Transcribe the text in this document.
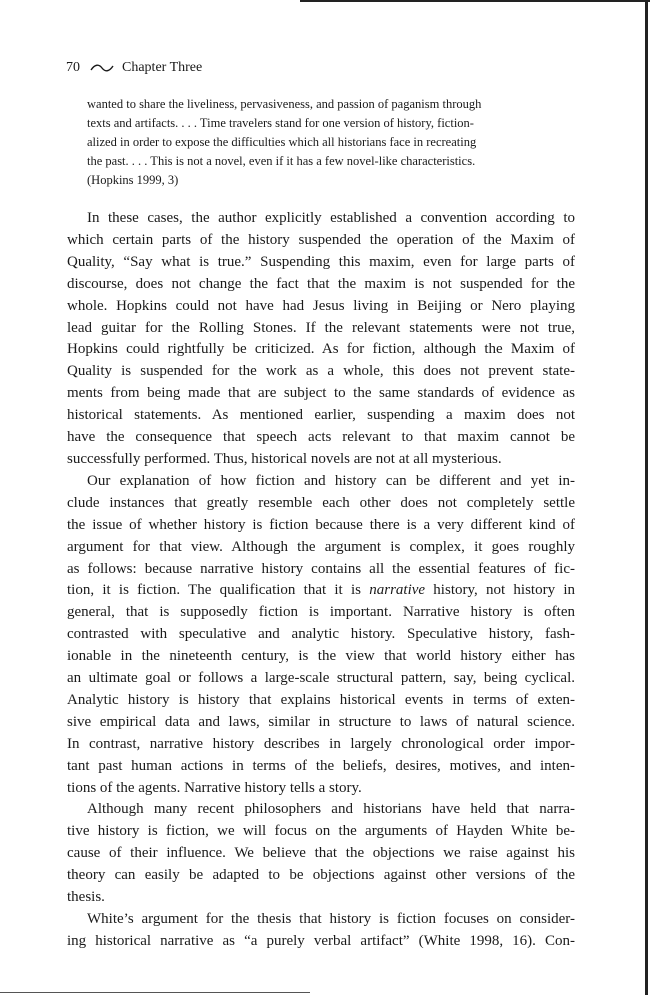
70	Chapter Three
wanted to share the liveliness, pervasiveness, and passion of paganism through
texts and artifacts. . . . Time travelers stand for one version of history, fiction-
alized in order to expose the difficulties which all historians face in recreating
the past. . . . This is not a novel, even if it has a few novel-like characteristics.
(Hopkins 1999, 3)
In these cases, the author explicitly established a convention according to
which certain parts of the history suspended the operation of the Maxim of
Quality, “Say what is true.” Suspending this maxim, even for large parts of
discourse, does not change the fact that the maxim is not suspended for the
whole. Hopkins could not have had Jesus living in Beijing or Nero playing
lead guitar for the Rolling Stones. If the relevant statements were not true,
Hopkins could rightfully be criticized. As for fiction, although the Maxim of
Quality is suspended for the work as a whole, this does not prevent state-
ments from being made that are subject to the same standards of evidence as
historical statements. As mentioned earlier, suspending a maxim does not
have the consequence that speech acts relevant to that maxim cannot be
successfully performed. Thus, historical novels are not at all mysterious.
Our explanation of how fiction and history can be different and yet in-
clude instances that greatly resemble each other does not completely settle
the issue of whether history is fiction because there is a very different kind of
argument for that view. Although the argument is complex, it goes roughly
as follows: because narrative history contains all the essential features of fic-
tion, it is fiction. The qualification that it is narrative history, not history in
general, that is supposedly fiction is important. Narrative history is often
contrasted with speculative and analytic history. Speculative history, fash-
ionable in the nineteenth century, is the view that world history either has
an ultimate goal or follows a large-scale structural pattern, say, being cyclical.
Analytic history is history that explains historical events in terms of exten-
sive empirical data and laws, similar in structure to laws of natural science.
In contrast, narrative history describes in largely chronological order impor-
tant past human actions in terms of the beliefs, desires, motives, and inten-
tions of the agents. Narrative history tells a story.
Although many recent philosophers and historians have held that narra-
tive history is fiction, we will focus on the arguments of Hayden White be-
cause of their influence. We believe that the objections we raise against his
theory can easily be adapted to be objections against other versions of the
thesis.
White’s argument for the thesis that history is fiction focuses on consider-
ing historical narrative as “a purely verbal artifact” (White 1998, 16). Con-
